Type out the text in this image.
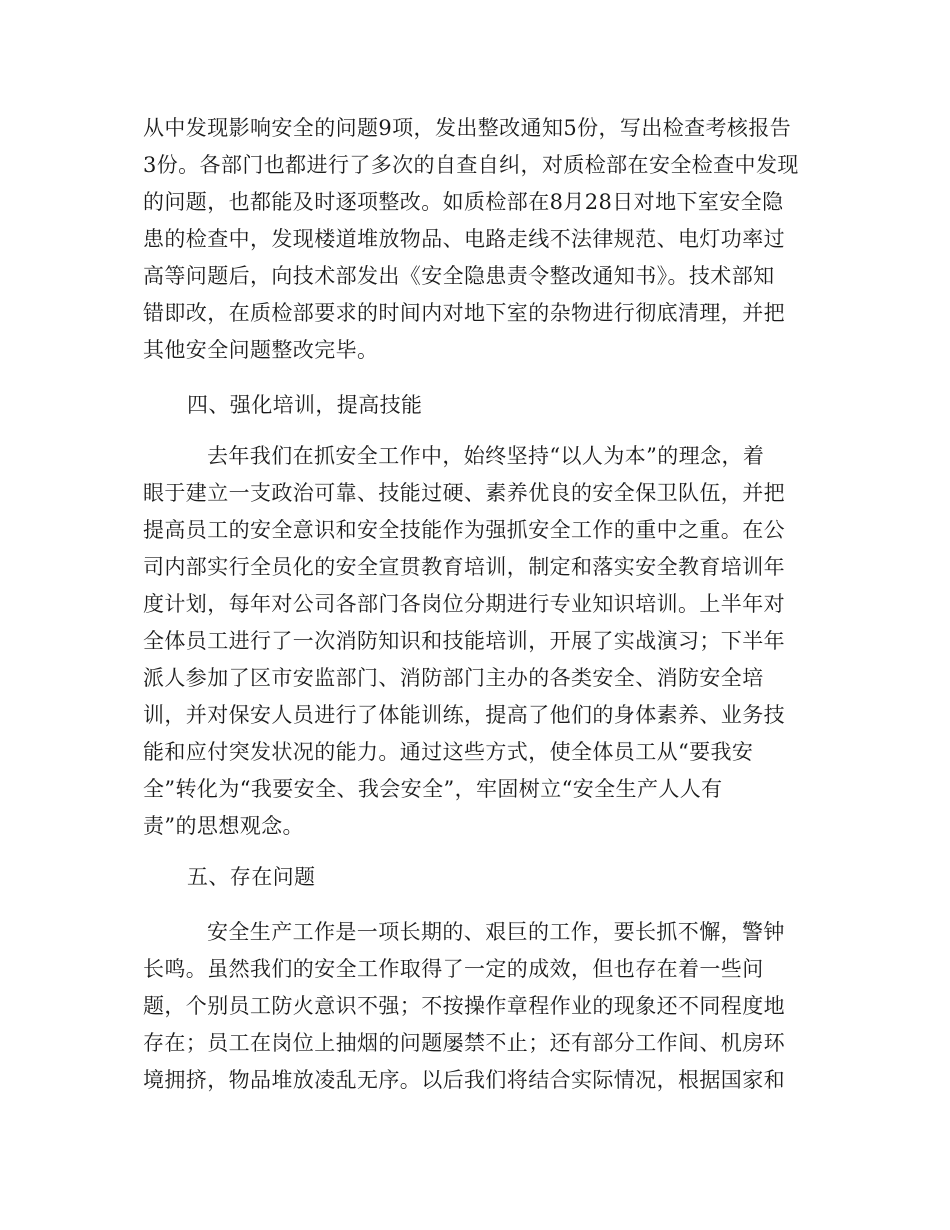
从中发现影响安全的问题9项，发出整改通知5份，写出检查考核报告
3份。各部门也都进行了多次的自查自纠，对质检部在安全检查中发现
的问题，也都能及时逐项整改。如质检部在8月28日对地下室安全隐
患的检查中，发现楼道堆放物品、电路走线不法律规范、电灯功率过
高等问题后，向技术部发出《安全隐患责令整改通知书》。技术部知
错即改，在质检部要求的时间内对地下室的杂物进行彻底清理，并把
其他安全问题整改完毕。
四、强化培训，提高技能
去年我们在抓安全工作中，始终坚持“以人为本”的理念，着
眼于建立一支政治可靠、技能过硬、素养优良的安全保卫队伍，并把
提高员工的安全意识和安全技能作为强抓安全工作的重中之重。在公
司内部实行全员化的安全宣贯教育培训，制定和落实安全教育培训年
度计划，每年对公司各部门各岗位分期进行专业知识培训。上半年对
全体员工进行了一次消防知识和技能培训，开展了实战演习；下半年
派人参加了区市安监部门、消防部门主办的各类安全、消防安全培
训，并对保安人员进行了体能训练，提高了他们的身体素养、业务技
能和应付突发状况的能力。通过这些方式，使全体员工从“要我安
全”转化为“我要安全、我会安全”，牢固树立“安全生产人人有
责”的思想观念。
五、存在问题
安全生产工作是一项长期的、艰巨的工作，要长抓不懈，警钟
长鸣。虽然我们的安全工作取得了一定的成效，但也存在着一些问
题，个别员工防火意识不强；不按操作章程作业的现象还不同程度地
存在；员工在岗位上抽烟的问题屡禁不止；还有部分工作间、机房环
境拥挤，物品堆放凌乱无序。以后我们将结合实际情况，根据国家和
